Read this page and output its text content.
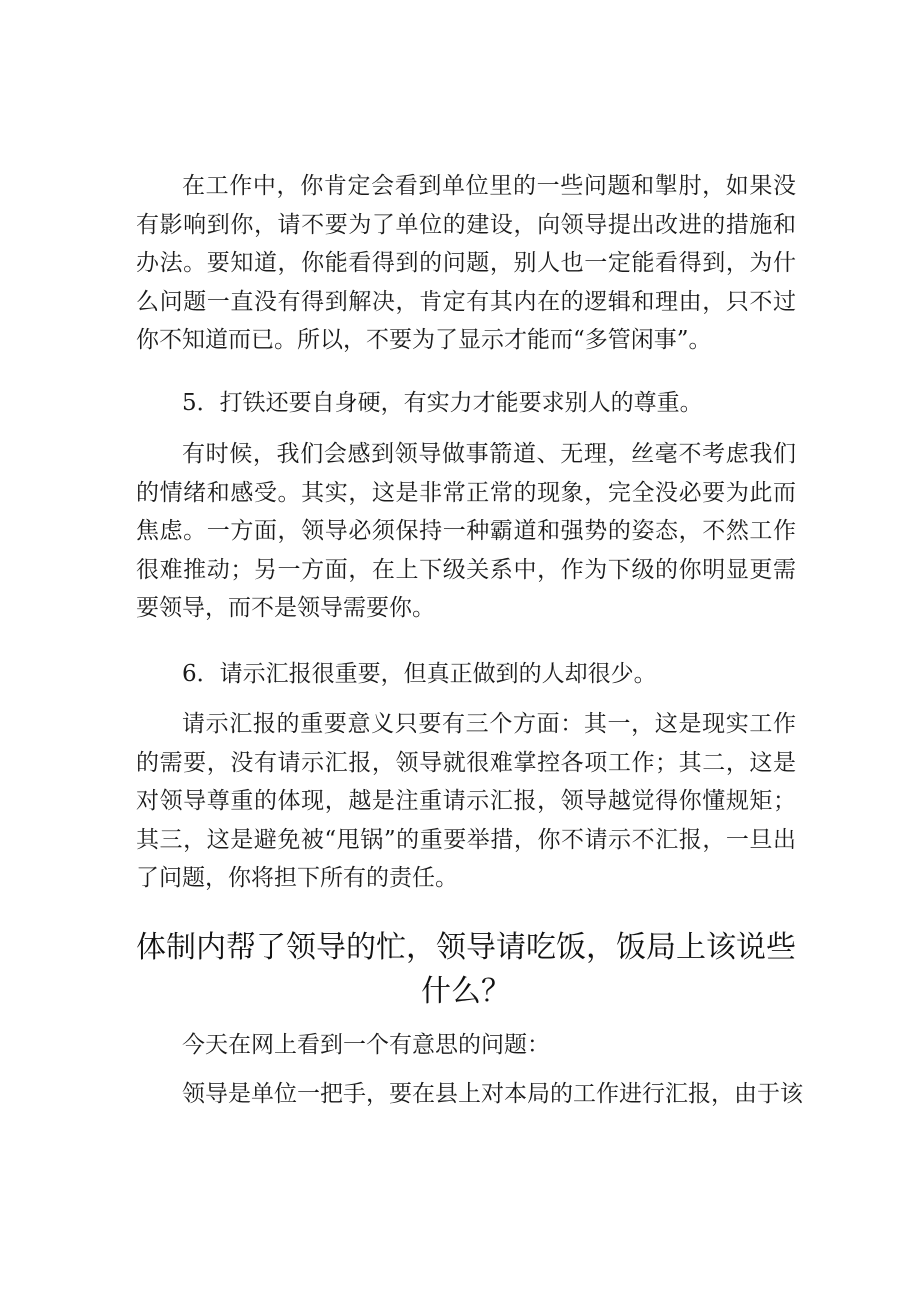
在工作中，你肯定会看到单位里的一些问题和掣肘，如果没有影响到你，请不要为了单位的建设，向领导提出改进的措施和办法。要知道，你能看得到的问题，别人也一定能看得到，为什么问题一直没有得到解决，肯定有其内在的逻辑和理由，只不过你不知道而已。所以，不要为了显示才能而“多管闲事”。

5．打铁还要自身硬，有实力才能要求别人的尊重。

有时候，我们会感到领导做事箭道、无理，丝毫不考虑我们的情绪和感受。其实，这是非常正常的现象，完全没必要为此而焦虑。一方面，领导必须保持一种霸道和强势的姿态，不然工作很难推动；另一方面，在上下级关系中，作为下级的你明显更需要领导，而不是领导需要你。

6．请示汇报很重要，但真正做到的人却很少。

请示汇报的重要意义只要有三个方面：其一，这是现实工作的需要，没有请示汇报，领导就很难掌控各项工作；其二，这是对领导尊重的体现，越是注重请示汇报，领导越觉得你懂规矩；其三，这是避免被“甩锅”的重要举措，你不请示不汇报，一旦出了问题，你将担下所有的责任。

体制内帮了领导的忙，领导请吃饭，饭局上该说些什么？

今天在网上看到一个有意思的问题：

领导是单位一把手，要在县上对本局的工作进行汇报，由于该
